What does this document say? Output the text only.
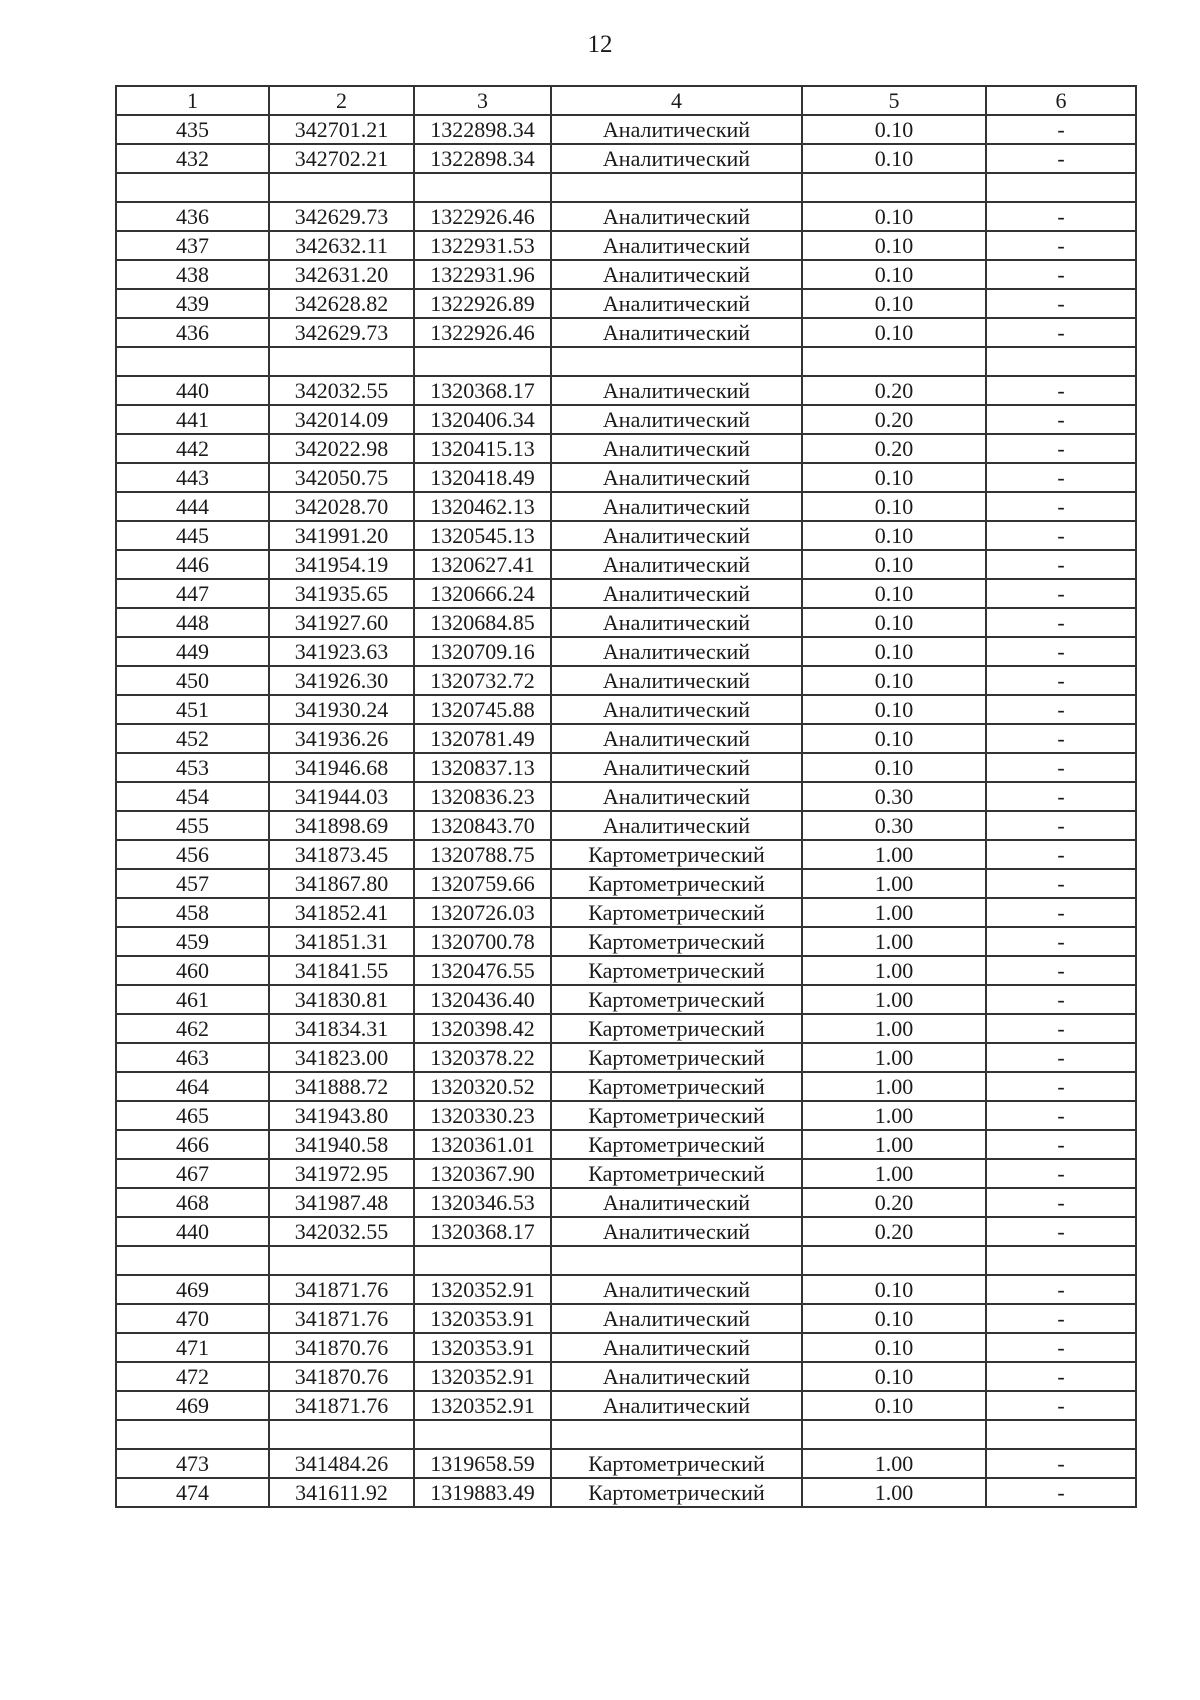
12
1	2	3	4	5	6
435	342701.21	1322898.34	Аналитический	0.10	-
432	342702.21	1322898.34	Аналитический	0.10	-

436	342629.73	1322926.46	Аналитический	0.10	-
437	342632.11	1322931.53	Аналитический	0.10	-
438	342631.20	1322931.96	Аналитический	0.10	-
439	342628.82	1322926.89	Аналитический	0.10	-
436	342629.73	1322926.46	Аналитический	0.10	-

440	342032.55	1320368.17	Аналитический	0.20	-
441	342014.09	1320406.34	Аналитический	0.20	-
442	342022.98	1320415.13	Аналитический	0.20	-
443	342050.75	1320418.49	Аналитический	0.10	-
444	342028.70	1320462.13	Аналитический	0.10	-
445	341991.20	1320545.13	Аналитический	0.10	-
446	341954.19	1320627.41	Аналитический	0.10	-
447	341935.65	1320666.24	Аналитический	0.10	-
448	341927.60	1320684.85	Аналитический	0.10	-
449	341923.63	1320709.16	Аналитический	0.10	-
450	341926.30	1320732.72	Аналитический	0.10	-
451	341930.24	1320745.88	Аналитический	0.10	-
452	341936.26	1320781.49	Аналитический	0.10	-
453	341946.68	1320837.13	Аналитический	0.10	-
454	341944.03	1320836.23	Аналитический	0.30	-
455	341898.69	1320843.70	Аналитический	0.30	-
456	341873.45	1320788.75	Картометрический	1.00	-
457	341867.80	1320759.66	Картометрический	1.00	-
458	341852.41	1320726.03	Картометрический	1.00	-
459	341851.31	1320700.78	Картометрический	1.00	-
460	341841.55	1320476.55	Картометрический	1.00	-
461	341830.81	1320436.40	Картометрический	1.00	-
462	341834.31	1320398.42	Картометрический	1.00	-
463	341823.00	1320378.22	Картометрический	1.00	-
464	341888.72	1320320.52	Картометрический	1.00	-
465	341943.80	1320330.23	Картометрический	1.00	-
466	341940.58	1320361.01	Картометрический	1.00	-
467	341972.95	1320367.90	Картометрический	1.00	-
468	341987.48	1320346.53	Аналитический	0.20	-
440	342032.55	1320368.17	Аналитический	0.20	-

469	341871.76	1320352.91	Аналитический	0.10	-
470	341871.76	1320353.91	Аналитический	0.10	-
471	341870.76	1320353.91	Аналитический	0.10	-
472	341870.76	1320352.91	Аналитический	0.10	-
469	341871.76	1320352.91	Аналитический	0.10	-

473	341484.26	1319658.59	Картометрический	1.00	-
474	341611.92	1319883.49	Картометрический	1.00	-
